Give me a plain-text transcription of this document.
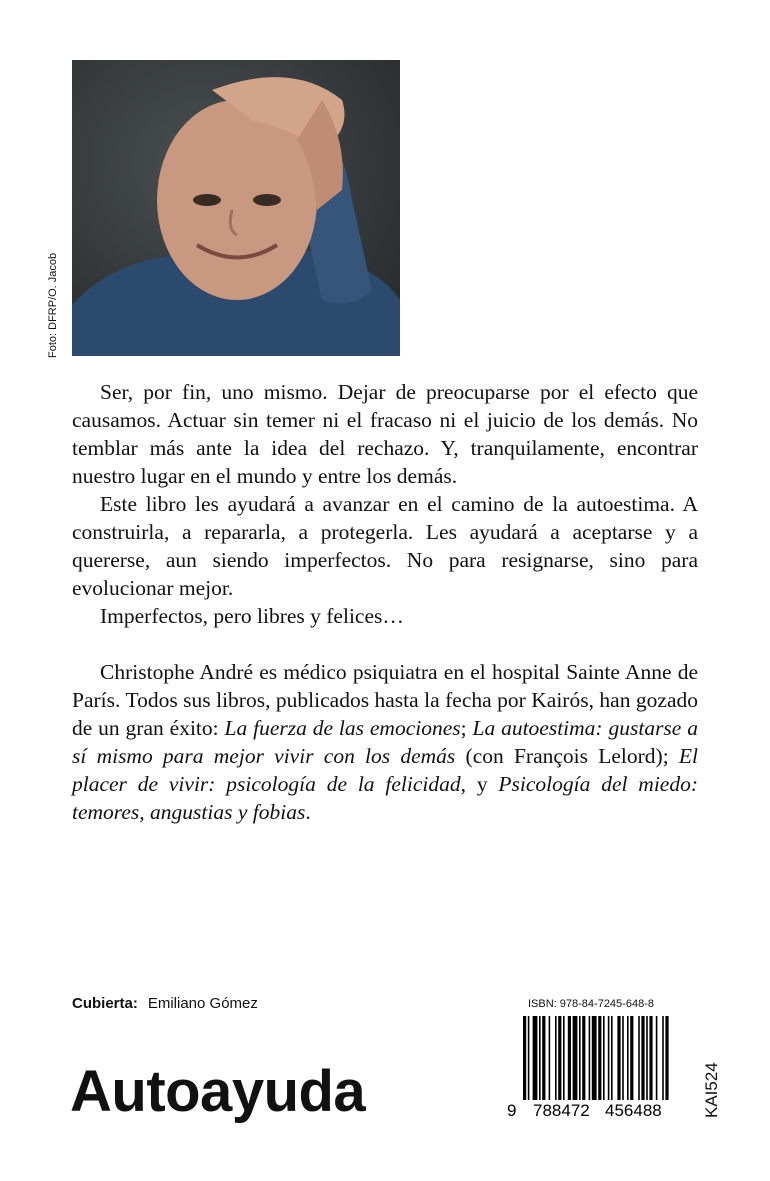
Foto: DFRP/O. Jacob

Ser, por fin, uno mismo. Dejar de preocuparse por el efecto que causamos. Actuar sin temer ni el fracaso ni el juicio de los demás. No temblar más ante la idea del rechazo. Y, tranquilamente, encontrar nuestro lugar en el mundo y entre los demás.

Este libro les ayudará a avanzar en el camino de la autoestima. A construirla, a repararla, a protegerla. Les ayudará a aceptarse y a quererse, aun siendo imperfectos. No para resignarse, sino para evolucionar mejor.

Imperfectos, pero libres y felices…

Christophe André es médico psiquiatra en el hospital Sainte Anne de París. Todos sus libros, publicados hasta la fecha por Kairós, han gozado de un gran éxito: La fuerza de las emociones; La autoestima: gustarse a sí mismo para mejor vivir con los demás (con François Lelord); El placer de vivir: psicología de la felicidad, y Psicología del miedo: temores, angustias y fobias.

Cubierta: Emiliano Gómez
Autoayuda
ISBN: 978-84-7245-648-8
9 788472 456488 KAI524
